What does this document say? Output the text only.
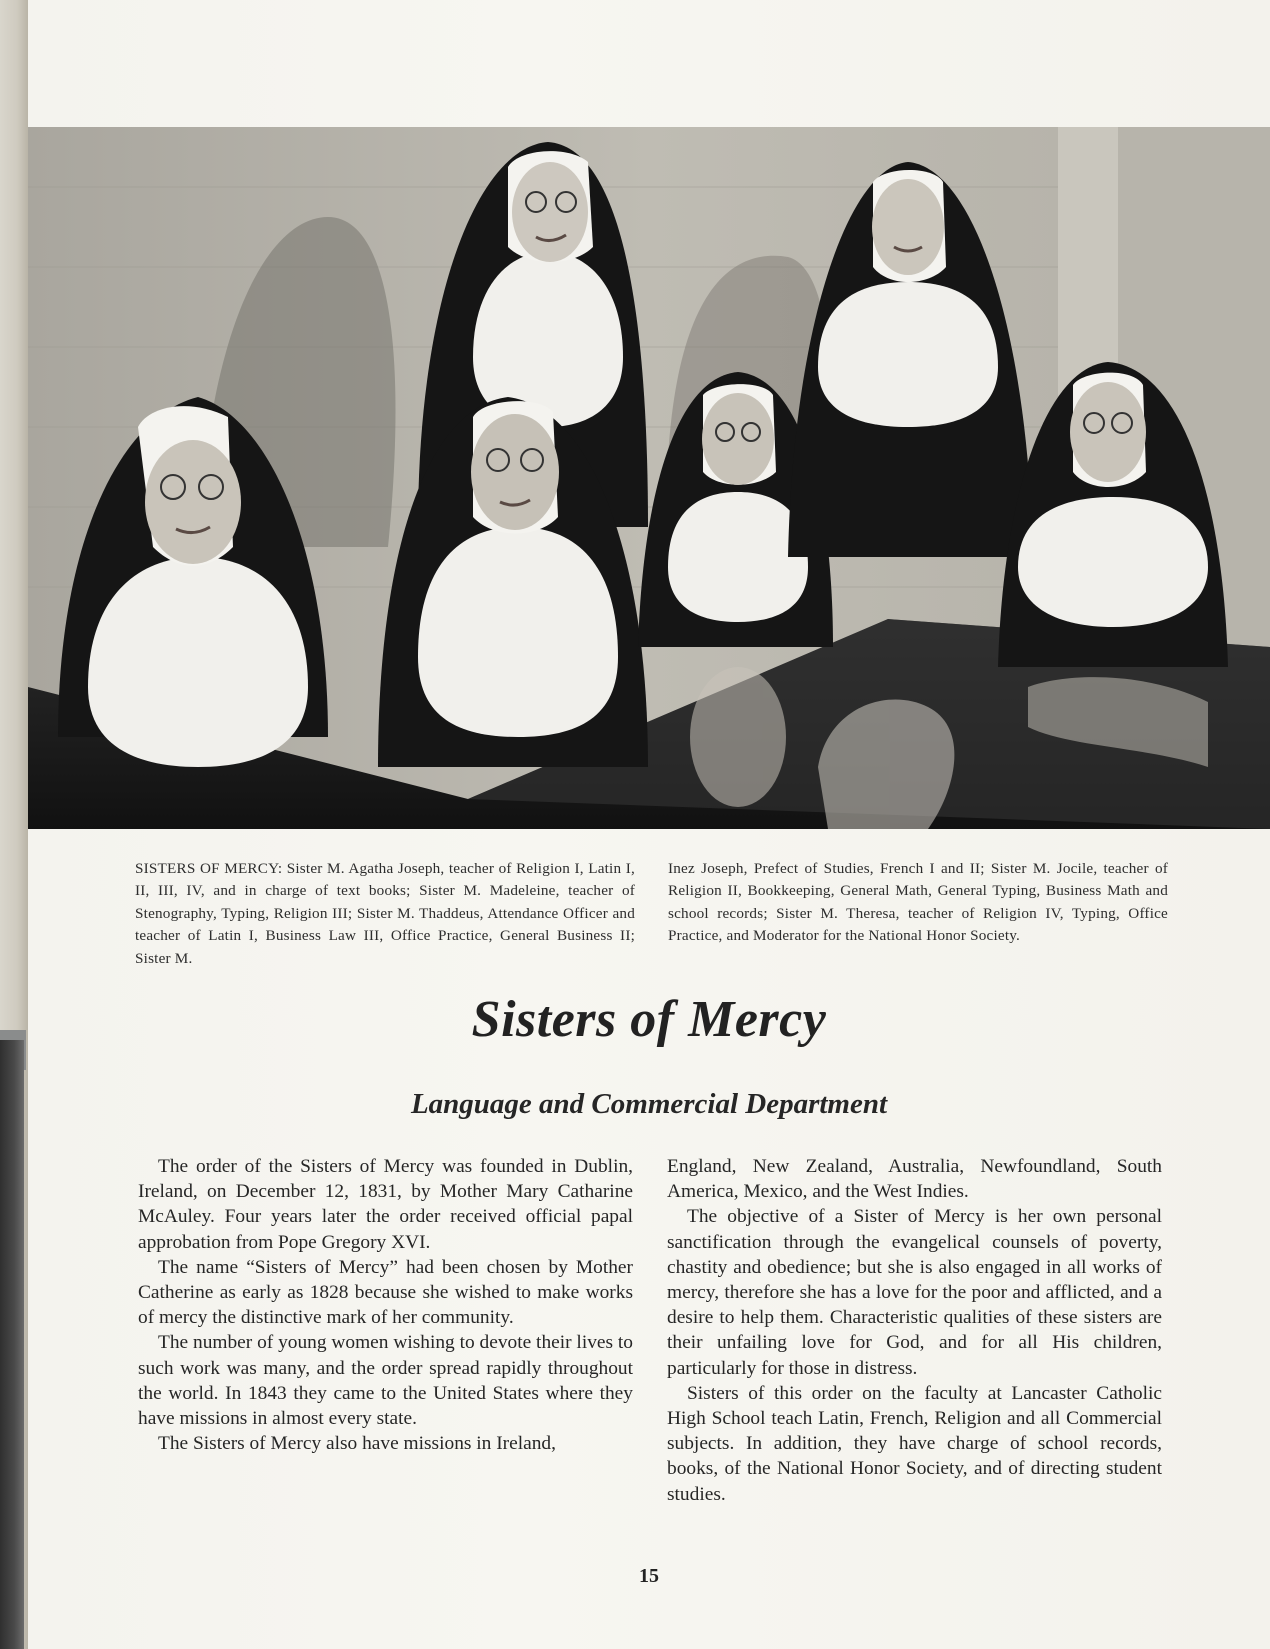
SISTERS OF MERCY: Sister M. Agatha Joseph, teacher of Religion I, Latin I, II, III, IV, and in charge of text books; Sister M. Madeleine, teacher of Stenography, Typing, Religion III; Sister M. Thaddeus, Attendance Officer and teacher of Latin I, Business Law III, Office Practice, General Business II; Sister M.
Inez Joseph, Prefect of Studies, French I and II; Sister M. Jocile, teacher of Religion II, Bookkeeping, General Math, General Typing, Business Math and school records; Sister M. Theresa, teacher of Religion IV, Typing, Office Practice, and Moderator for the National Honor Society.
Sisters of Mercy
Language and Commercial Department

The order of the Sisters of Mercy was founded in Dublin, Ireland, on December 12, 1831, by Mother Mary Catharine McAuley. Four years later the order received official papal approbation from Pope Gregory XVI.

The name “Sisters of Mercy” had been chosen by Mother Catherine as early as 1828 because she wished to make works of mercy the distinctive mark of her community.

The number of young women wishing to devote their lives to such work was many, and the order spread rapidly throughout the world. In 1843 they came to the United States where they have missions in almost every state.

The Sisters of Mercy also have missions in Ireland,

England, New Zealand, Australia, Newfoundland, South America, Mexico, and the West Indies.

The objective of a Sister of Mercy is her own personal sanctification through the evangelical counsels of poverty, chastity and obedience; but she is also engaged in all works of mercy, therefore she has a love for the poor and afflicted, and a desire to help them. Characteristic qualities of these sisters are their unfailing love for God, and for all His children, particularly for those in distress.

Sisters of this order on the faculty at Lancaster Catholic High School teach Latin, French, Religion and all Commercial subjects. In addition, they have charge of school records, books, of the National Honor Society, and of directing student studies.

15
